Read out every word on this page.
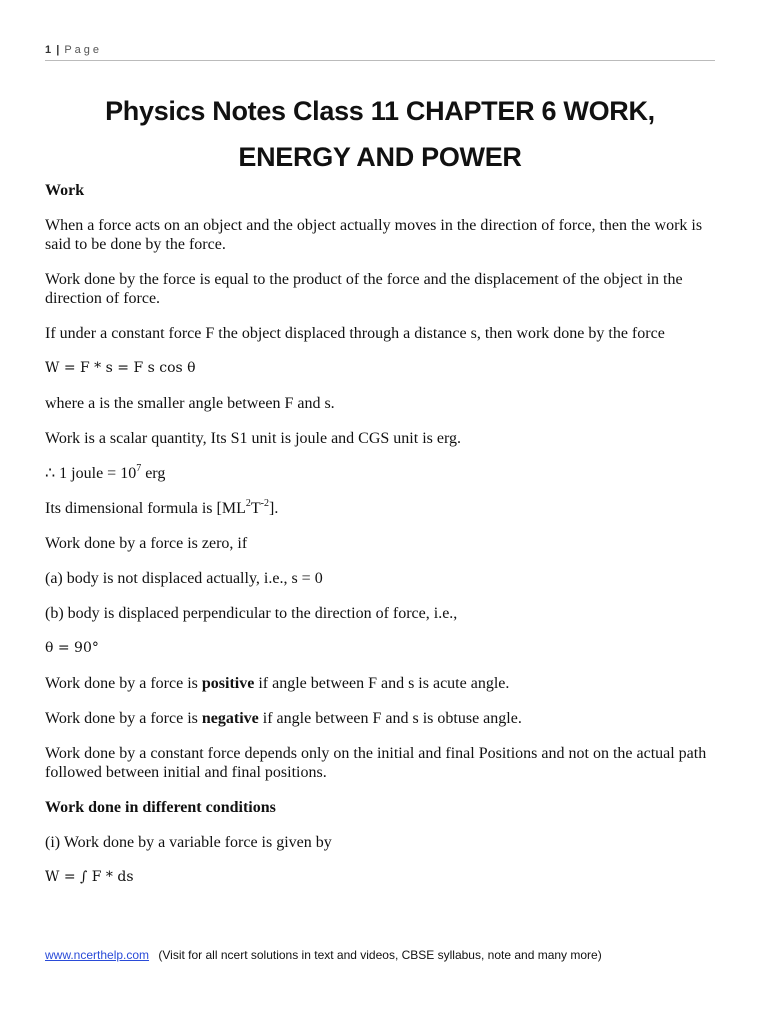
1 | Page
Physics Notes Class 11 CHAPTER 6 WORK,
ENERGY AND POWER
Work

When a force acts on an object and the object actually moves in the direction of force, then the work is said to be done by the force.

Work done by the force is equal to the product of the force and the displacement of the object in the direction of force.

If under a constant force F the object displaced through a distance s, then work done by the force

W = F * s = F s cos θ

where a is the smaller angle between F and s.

Work is a scalar quantity, Its S1 unit is joule and CGS unit is erg.

∴ 1 joule = $10^7$ erg

Its dimensional formula is $[ML^2T^{-2}]$.

Work done by a force is zero, if

(a) body is not displaced actually, i.e., s = 0

(b) body is displaced perpendicular to the direction of force, i.e.,

θ = 90°

Work done by a force is positive if angle between F and s is acute angle.

Work done by a force is negative if angle between F and s is obtuse angle.

Work done by a constant force depends only on the initial and final Positions and not on the actual path followed between initial and final positions.

Work done in different conditions

(i) Work done by a variable force is given by

W = ∫ F * ds

www.ncerthelp.com (Visit for all ncert solutions in text and videos, CBSE syllabus, note and many more)
